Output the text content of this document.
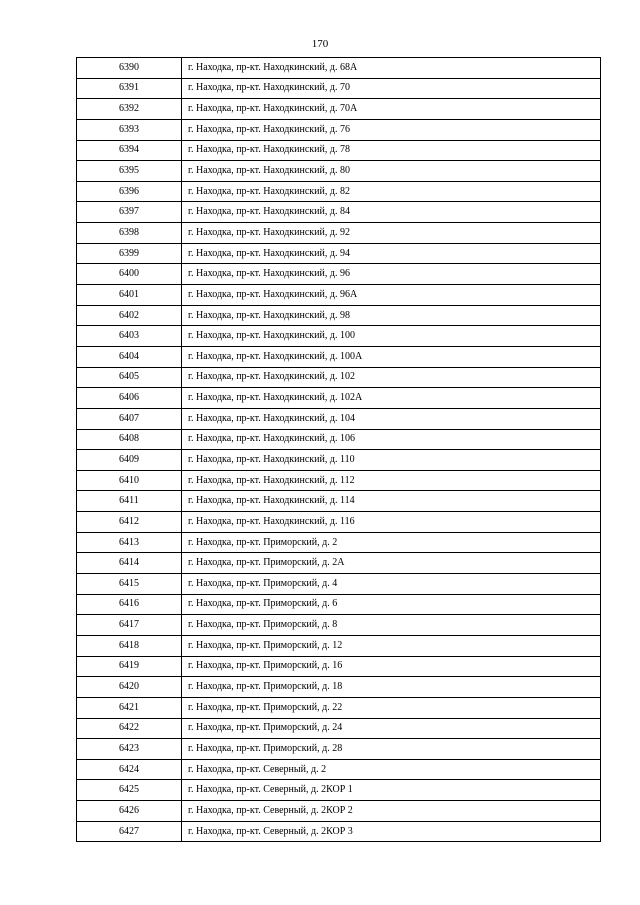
170
6390	г. Находка, пр-кт. Находкинский, д. 68А
6391	г. Находка, пр-кт. Находкинский, д. 70
6392	г. Находка, пр-кт. Находкинский, д. 70А
6393	г. Находка, пр-кт. Находкинский, д. 76
6394	г. Находка, пр-кт. Находкинский, д. 78
6395	г. Находка, пр-кт. Находкинский, д. 80
6396	г. Находка, пр-кт. Находкинский, д. 82
6397	г. Находка, пр-кт. Находкинский, д. 84
6398	г. Находка, пр-кт. Находкинский, д. 92
6399	г. Находка, пр-кт. Находкинский, д. 94
6400	г. Находка, пр-кт. Находкинский, д. 96
6401	г. Находка, пр-кт. Находкинский, д. 96А
6402	г. Находка, пр-кт. Находкинский, д. 98
6403	г. Находка, пр-кт. Находкинский, д. 100
6404	г. Находка, пр-кт. Находкинский, д. 100А
6405	г. Находка, пр-кт. Находкинский, д. 102
6406	г. Находка, пр-кт. Находкинский, д. 102А
6407	г. Находка, пр-кт. Находкинский, д. 104
6408	г. Находка, пр-кт. Находкинский, д. 106
6409	г. Находка, пр-кт. Находкинский, д. 110
6410	г. Находка, пр-кт. Находкинский, д. 112
6411	г. Находка, пр-кт. Находкинский, д. 114
6412	г. Находка, пр-кт. Находкинский, д. 116
6413	г. Находка, пр-кт. Приморский, д. 2
6414	г. Находка, пр-кт. Приморский, д. 2А
6415	г. Находка, пр-кт. Приморский, д. 4
6416	г. Находка, пр-кт. Приморский, д. 6
6417	г. Находка, пр-кт. Приморский, д. 8
6418	г. Находка, пр-кт. Приморский, д. 12
6419	г. Находка, пр-кт. Приморский, д. 16
6420	г. Находка, пр-кт. Приморский, д. 18
6421	г. Находка, пр-кт. Приморский, д. 22
6422	г. Находка, пр-кт. Приморский, д. 24
6423	г. Находка, пр-кт. Приморский, д. 28
6424	г. Находка, пр-кт. Северный, д. 2
6425	г. Находка, пр-кт. Северный, д. 2КОР 1
6426	г. Находка, пр-кт. Северный, д. 2КОР 2
6427	г. Находка, пр-кт. Северный, д. 2КОР 3
